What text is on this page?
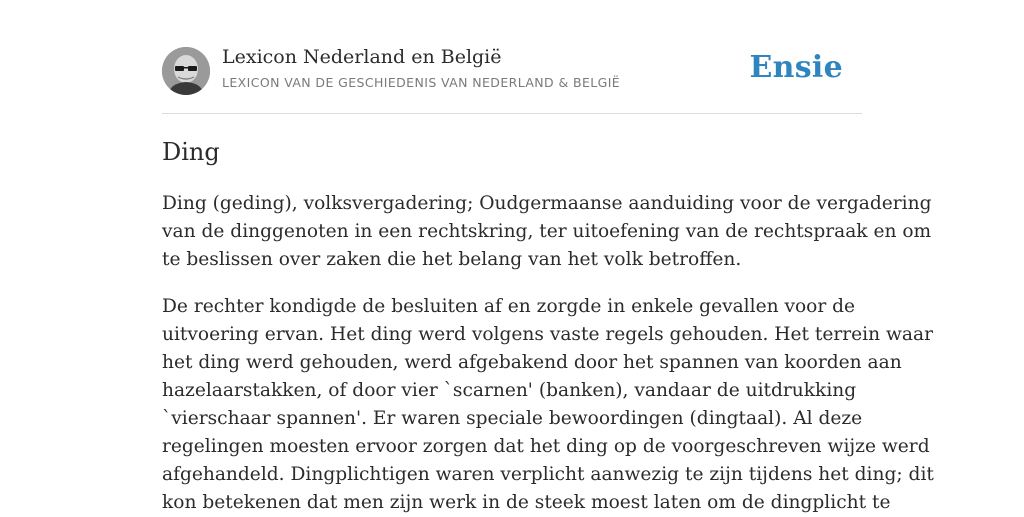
Lexicon Nederland en België
LEXICON VAN DE GESCHIEDENIS VAN NEDERLAND & BELGIË	Ensie
Ding

Ding (geding), volksvergadering; Oudgermaanse aanduiding voor de vergadering
van de dinggenoten in een rechtskring, ter uitoefening van de rechtspraak en om
te beslissen over zaken die het belang van het volk betroffen.

De rechter kondigde de besluiten af en zorgde in enkele gevallen voor de
uitvoering ervan. Het ding werd volgens vaste regels gehouden. Het terrein waar
het ding werd gehouden, werd afgebakend door het spannen van koorden aan
hazelaarstakken, of door vier `scarnen' (banken), vandaar de uitdrukking
`vierschaar spannen'. Er waren speciale bewoordingen (dingtaal). Al deze
regelingen moesten ervoor zorgen dat het ding op de voorgeschreven wijze werd
afgehandeld. Dingplichtigen waren verplicht aanwezig te zijn tijdens het ding; dit
kon betekenen dat men zijn werk in de steek moest laten om de dingplicht te
